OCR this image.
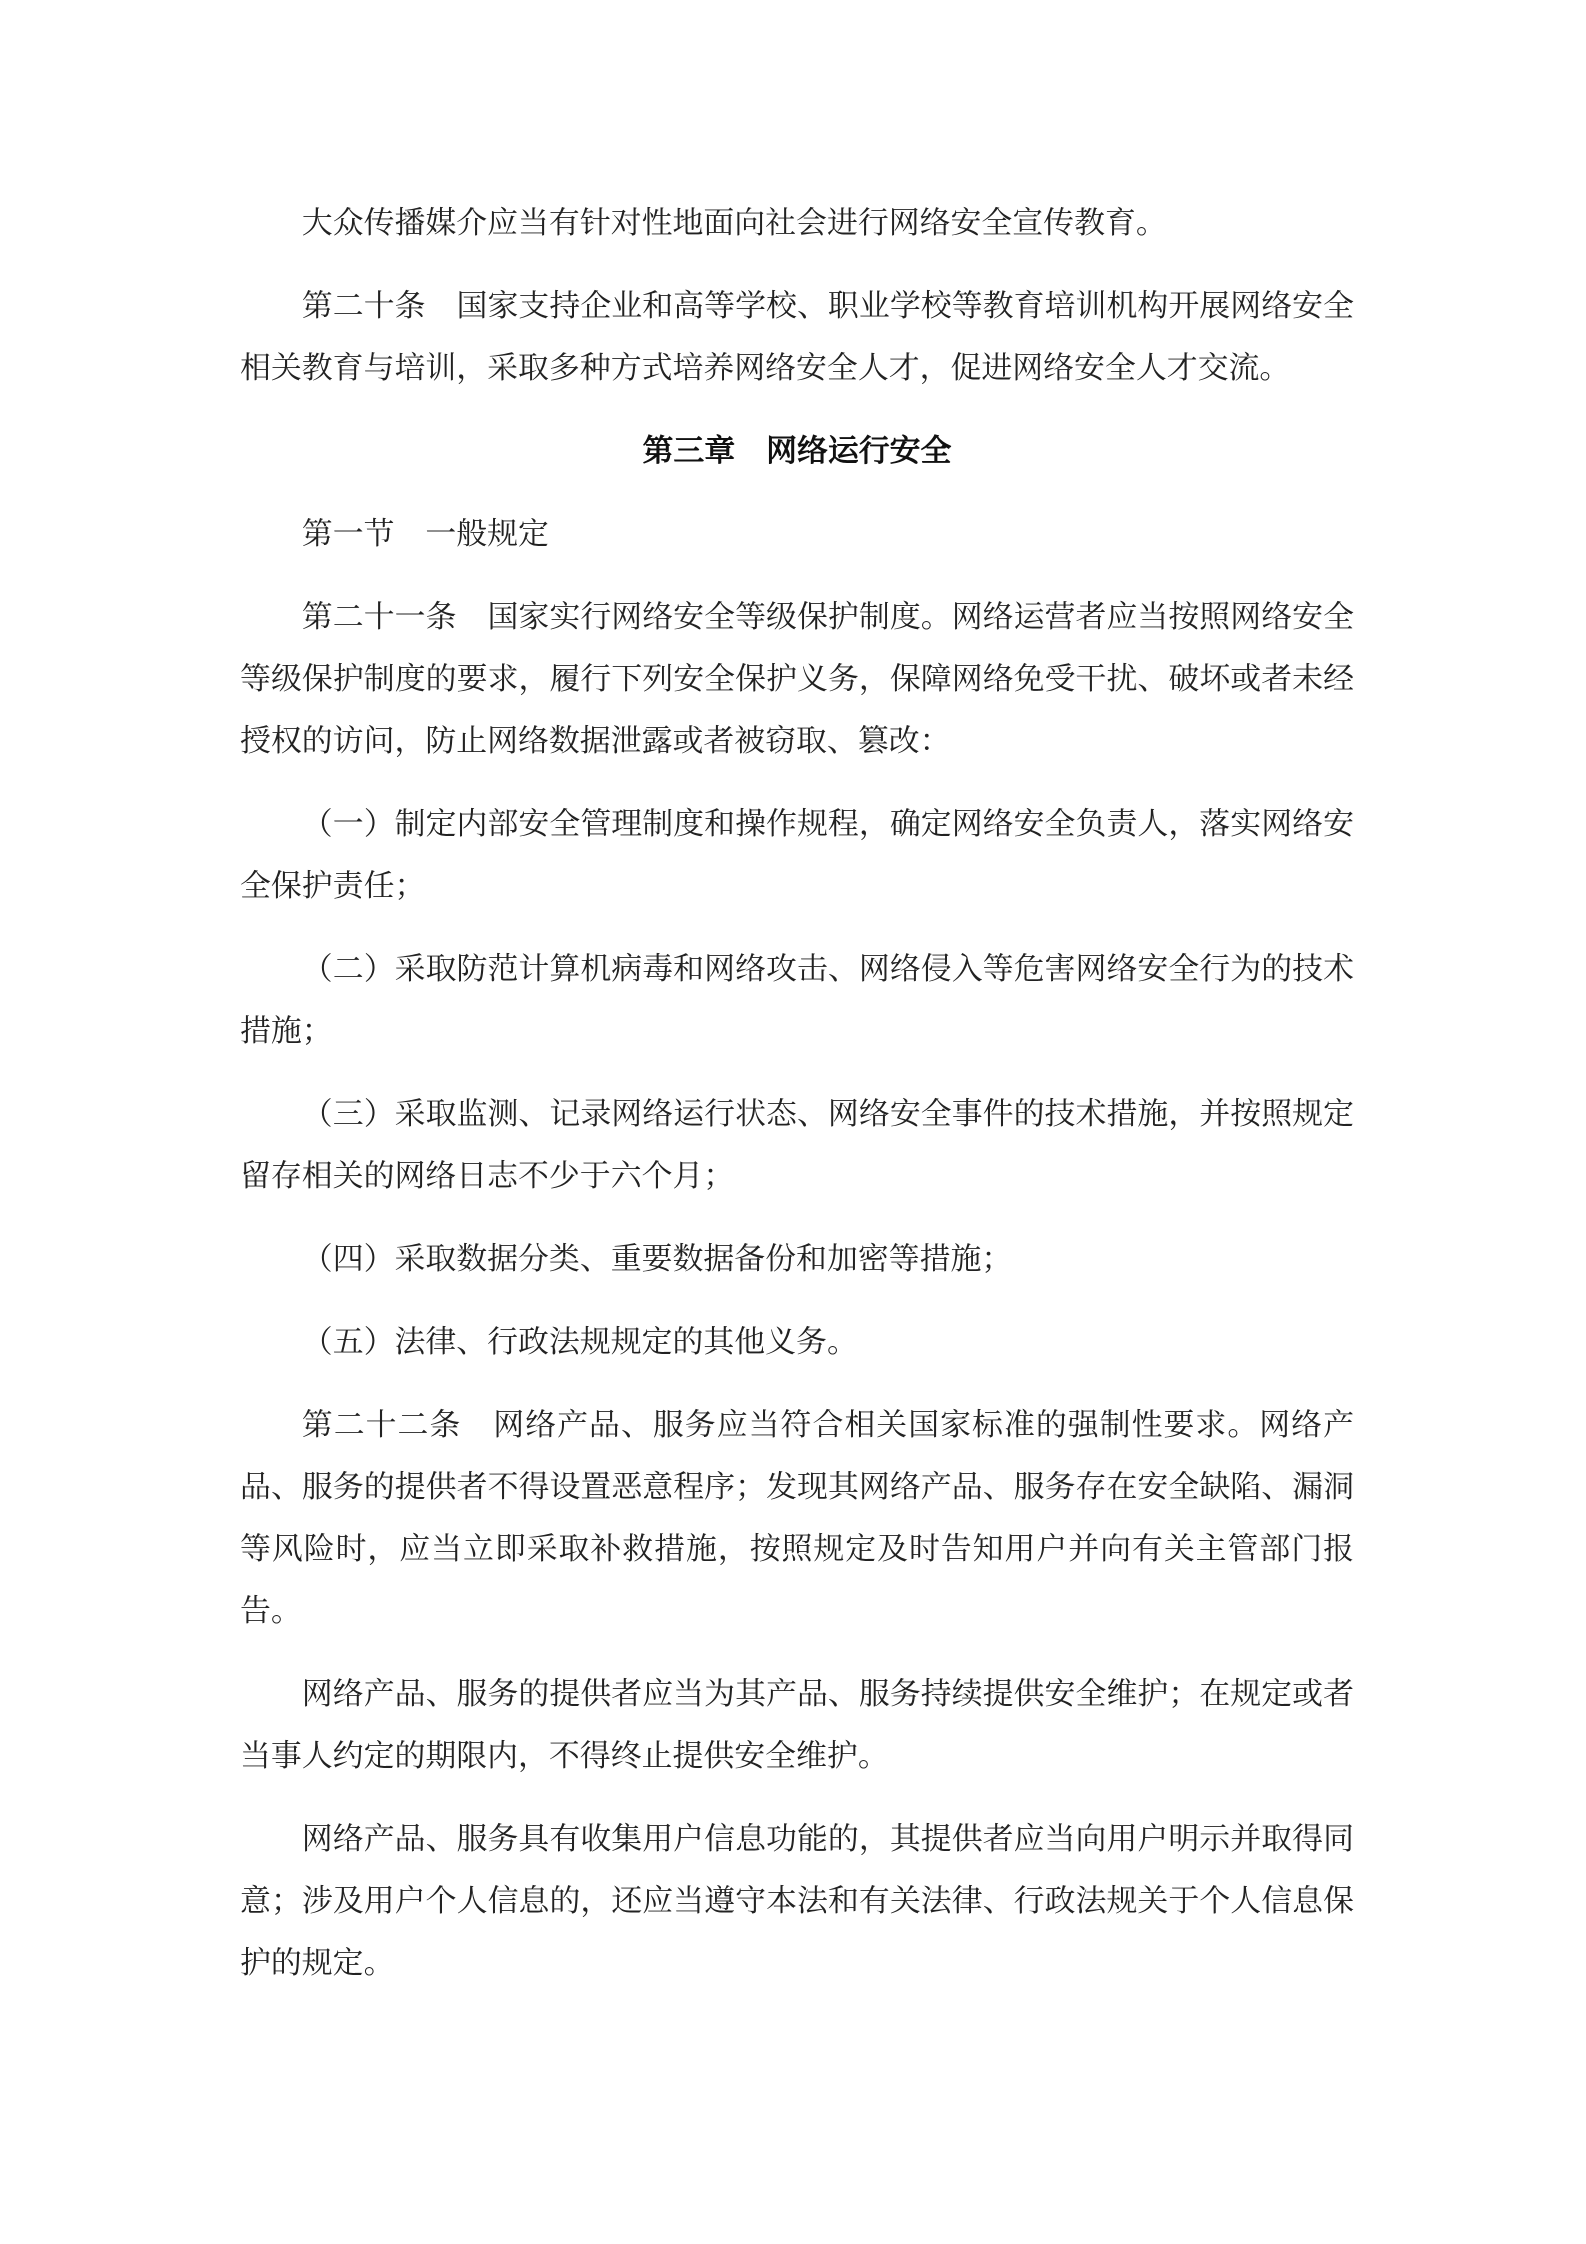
大众传播媒介应当有针对性地面向社会进行网络安全宣传教育。

第二十条　国家支持企业和高等学校、职业学校等教育培训机构开展网络安全相关教育与培训，采取多种方式培养网络安全人才，促进网络安全人才交流。

第三章　网络运行安全

第一节　一般规定

第二十一条　国家实行网络安全等级保护制度。网络运营者应当按照网络安全等级保护制度的要求，履行下列安全保护义务，保障网络免受干扰、破坏或者未经授权的访问，防止网络数据泄露或者被窃取、篡改：

（一）制定内部安全管理制度和操作规程，确定网络安全负责人，落实网络安全保护责任；

（二）采取防范计算机病毒和网络攻击、网络侵入等危害网络安全行为的技术措施；

（三）采取监测、记录网络运行状态、网络安全事件的技术措施，并按照规定留存相关的网络日志不少于六个月；

（四）采取数据分类、重要数据备份和加密等措施；

（五）法律、行政法规规定的其他义务。

第二十二条　网络产品、服务应当符合相关国家标准的强制性要求。网络产品、服务的提供者不得设置恶意程序；发现其网络产品、服务存在安全缺陷、漏洞等风险时，应当立即采取补救措施，按照规定及时告知用户并向有关主管部门报告。

网络产品、服务的提供者应当为其产品、服务持续提供安全维护；在规定或者当事人约定的期限内，不得终止提供安全维护。

网络产品、服务具有收集用户信息功能的，其提供者应当向用户明示并取得同意；涉及用户个人信息的，还应当遵守本法和有关法律、行政法规关于个人信息保护的规定。
